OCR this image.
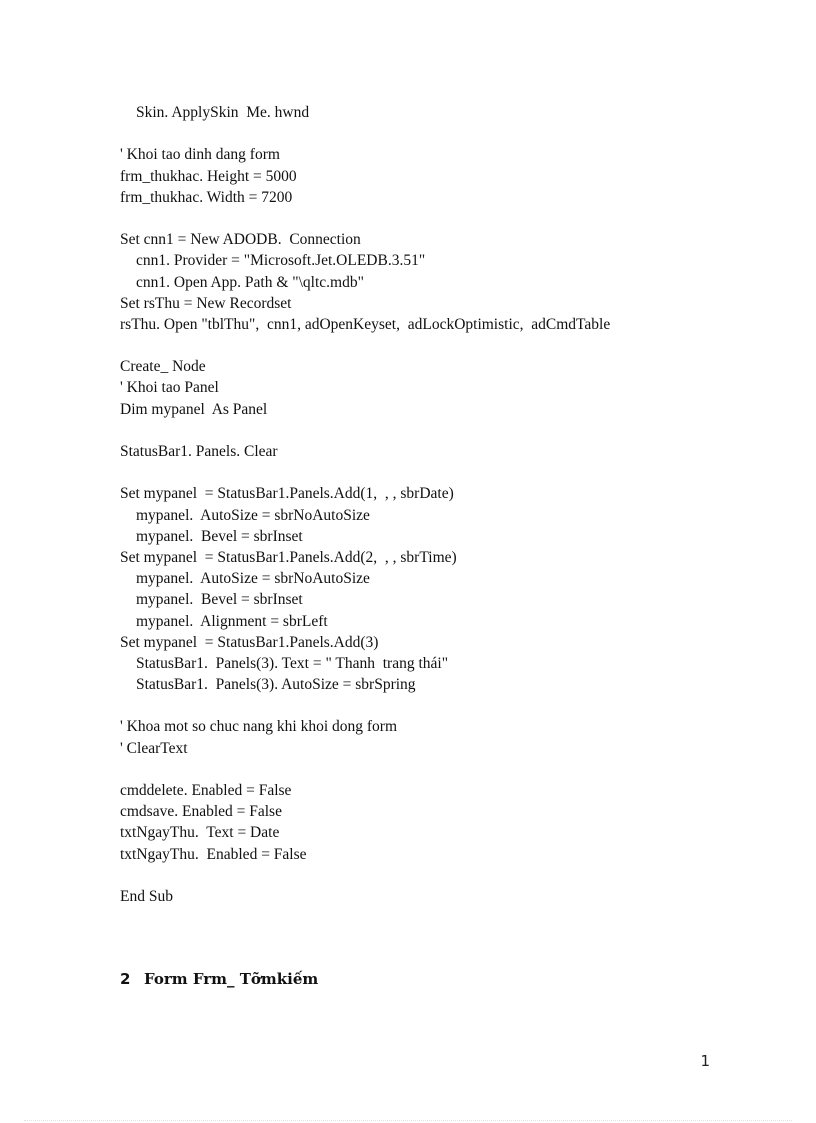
Skin. ApplySkin  Me. hwnd
' Khoi tao dinh dang form
frm_thukhac. Height = 5000
frm_thukhac. Width = 7200
Set cnn1 = New ADODB.  Connection
cnn1. Provider = "Microsoft.Jet.OLEDB.3.51"
cnn1. Open App. Path & "\qltc.mdb"
Set rsThu = New Recordset
rsThu. Open "tblThu",  cnn1, adOpenKeyset,  adLockOptimistic,  adCmdTable
Create_ Node
' Khoi tao Panel
Dim mypanel  As Panel
StatusBar1. Panels. Clear
Set mypanel  = StatusBar1.Panels.Add(1,  , , sbrDate)
mypanel.  AutoSize = sbrNoAutoSize
mypanel.  Bevel = sbrInset
Set mypanel  = StatusBar1.Panels.Add(2,  , , sbrTime)
mypanel.  AutoSize = sbrNoAutoSize
mypanel.  Bevel = sbrInset
mypanel.  Alignment = sbrLeft
Set mypanel  = StatusBar1.Panels.Add(3)
StatusBar1.  Panels(3). Text = " Thanh  trang thái"
StatusBar1.  Panels(3). AutoSize = sbrSpring
' Khoa mot so chuc nang khi khoi dong form
' ClearText
cmddelete. Enabled = False
cmdsave. Enabled = False
txtNgayThu.  Text = Date
txtNgayThu.  Enabled = False
End Sub
2 Form Frm_ Tỡmkiếm
1
